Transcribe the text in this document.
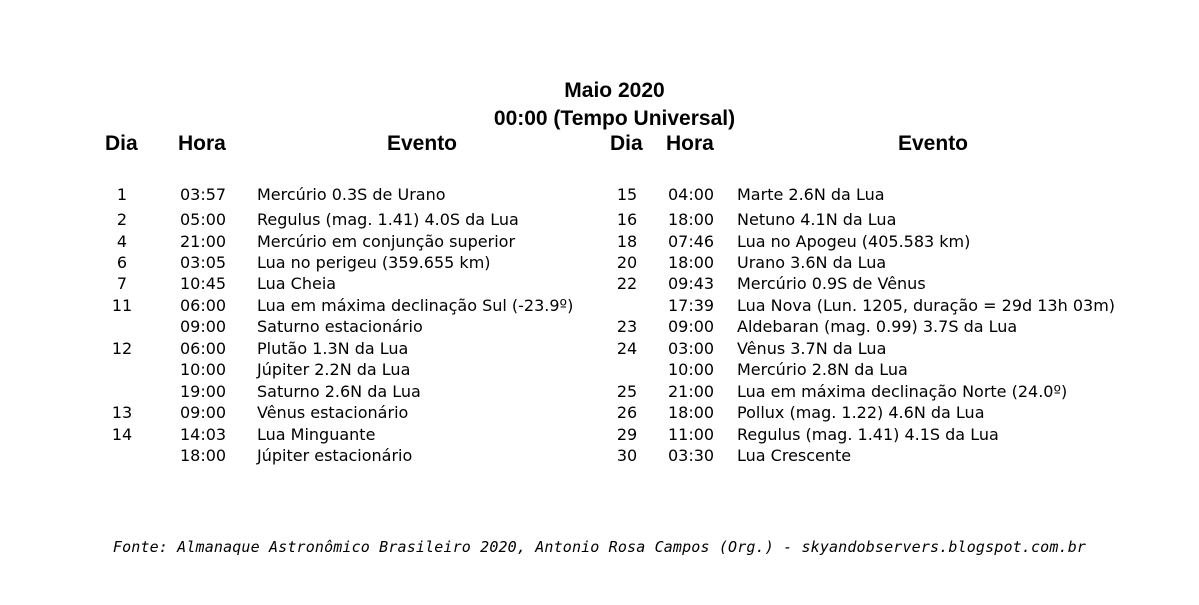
Maio 2020
00:00 (Tempo Universal)
Dia Hora	Evento	Dia Hora	Evento
1	03:57 Mercúrio 0.3S de Urano	15	04:00 Marte 2.6N da Lua
2	05:00 Regulus (mag. 1.41) 4.0S da Lua	16	18:00 Netuno 4.1N da Lua
4	21:00 Mercúrio em conjunção superior	18	07:46 Lua no Apogeu (405.583 km)
6	03:05 Lua no perigeu (359.655 km)	20	18:00 Urano 3.6N da Lua
7	10:45 Lua Cheia	22	09:43 Mercúrio 0.9S de Vênus
11	06:00 Lua em máxima declinação Sul (-23.9º)	17:39 Lua Nova (Lun. 1205, duração = 29d 13h 03m)
09:00 Saturno estacionário	23	09:00 Aldebaran (mag. 0.99) 3.7S da Lua
12	06:00 Plutão 1.3N da Lua	24	03:00 Vênus 3.7N da Lua
10:00 Júpiter 2.2N da Lua	10:00 Mercúrio 2.8N da Lua
19:00 Saturno 2.6N da Lua	25	21:00 Lua em máxima declinação Norte (24.0º)
13	09:00 Vênus estacionário	26	18:00 Pollux (mag. 1.22) 4.6N da Lua
14	14:03 Lua Minguante	29	11:00 Regulus (mag. 1.41) 4.1S da Lua
18:00 Júpiter estacionário	30	03:30 Lua Crescente
Fonte: Almanaque Astronômico Brasileiro 2020, Antonio Rosa Campos (Org.) - skyandobservers.blogspot.com.br
